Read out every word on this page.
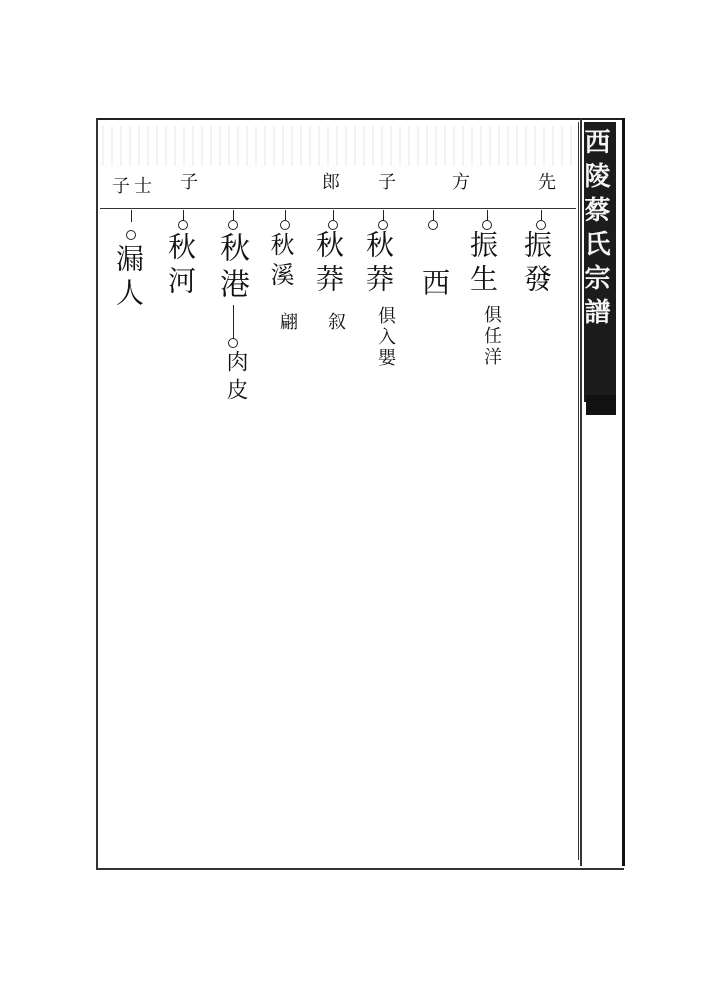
西陵蔡氏宗譜
先
方
子
郎
子
子士
振發
振生
俱任洋
西
秋莽
俱入嬰
秋莽
叙
秋溪
翩
秋港
肉皮
秋河
漏人
